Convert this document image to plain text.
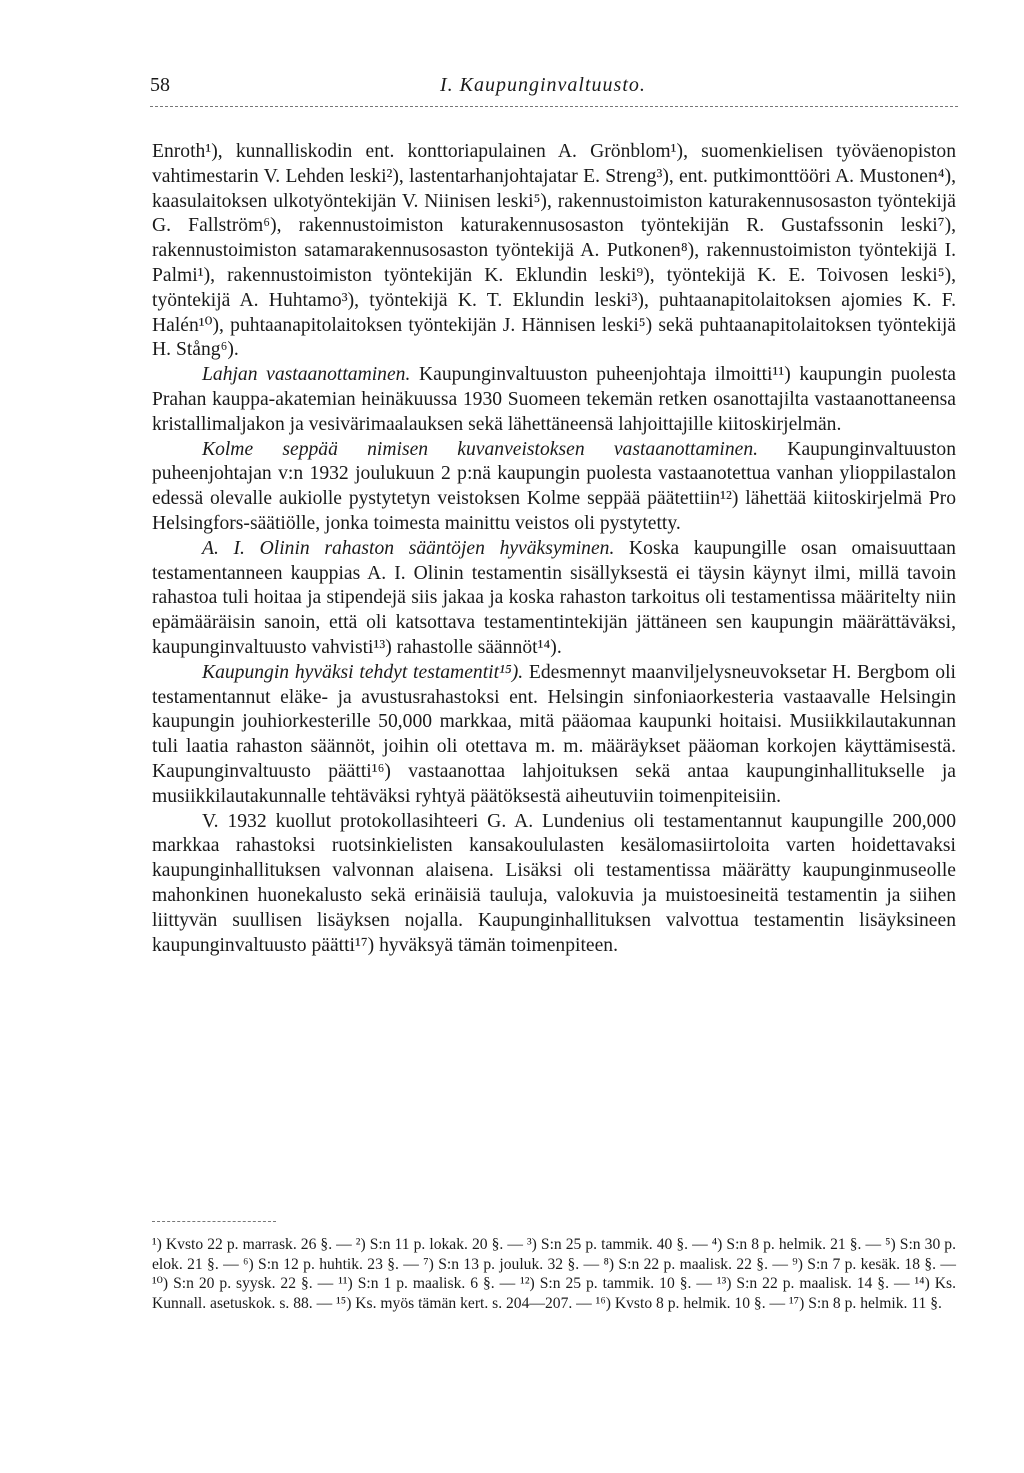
58	I. Kaupunginvaltuusto.

Enroth¹), kunnalliskodin ent. konttoriapulainen A. Grönblom¹), suomenkielisen työväenopiston vahtimestarin V. Lehden leski²), lastentarhanjohtajatar E. Streng³), ent. putkimonttööri A. Mustonen⁴), kaasulaitoksen ulkotyöntekijän V. Niinisen leski⁵), rakennustoimiston katurakennusosaston työntekijä G. Fallström⁶), rakennustoimiston katurakennusosaston työntekijän R. Gustafssonin leski⁷), rakennustoimiston satamarakennusosaston työntekijä A. Putkonen⁸), rakennustoimiston työntekijä I. Palmi¹), rakennustoimiston työntekijän K. Eklundin leski⁹), työntekijä K. E. Toivosen leski⁵), työntekijä A. Huhtamo³), työntekijä K. T. Eklundin leski³), puhtaanapitolaitoksen ajomies K. F. Halén¹⁰), puhtaanapitolaitoksen työntekijän J. Hännisen leski⁵) sekä puhtaanapitolaitoksen työntekijä H. Stång⁶).

Lahjan vastaanottaminen. Kaupunginvaltuuston puheenjohtaja ilmoitti¹¹) kaupungin puolesta Prahan kauppa-akatemian heinäkuussa 1930 Suomeen tekemän retken osanottajilta vastaanottaneensa kristallimaljakon ja vesivärimaalauksen sekä lähettäneensä lahjoittajille kiitoskirjelmän.

Kolme seppää nimisen kuvanveistoksen vastaanottaminen. Kaupunginvaltuuston puheenjohtajan v:n 1932 joulukuun 2 p:nä kaupungin puolesta vastaanotettua vanhan ylioppilastalon edessä olevalle aukiolle pystytetyn veistoksen Kolme seppää päätettiin¹²) lähettää kiitoskirjelmä Pro Helsingfors-säätiölle, jonka toimesta mainittu veistos oli pystytetty.

A. I. Olinin rahaston sääntöjen hyväksyminen. Koska kaupungille osan omaisuuttaan testamentanneen kauppias A. I. Olinin testamentin sisällyksestä ei täysin käynyt ilmi, millä tavoin rahastoa tuli hoitaa ja stipendejä siis jakaa ja koska rahaston tarkoitus oli testamentissa määritelty niin epämääräisin sanoin, että oli katsottava testamentintekijän jättäneen sen kaupungin määrättäväksi, kaupunginvaltuusto vahvisti¹³) rahastolle säännöt¹⁴).

Kaupungin hyväksi tehdyt testamentit¹⁵). Edesmennyt maanviljelysneuvoksetar H. Bergbom oli testamentannut eläke- ja avustusrahastoksi ent. Helsingin sinfoniaorkesteria vastaavalle Helsingin kaupungin jouhiorkesterille 50,000 markkaa, mitä pääomaa kaupunki hoitaisi. Musiikkilautakunnan tuli laatia rahaston säännöt, joihin oli otettava m. m. määräykset pääoman korkojen käyttämisestä. Kaupunginvaltuusto päätti¹⁶) vastaanottaa lahjoituksen sekä antaa kaupunginhallitukselle ja musiikkilautakunnalle tehtäväksi ryhtyä päätöksestä aiheutuviin toimenpiteisiin.

V. 1932 kuollut protokollasihteeri G. A. Lundenius oli testamentannut kaupungille 200,000 markkaa rahastoksi ruotsinkielisten kansakoululasten kesälomasiirtoloita varten hoidettavaksi kaupunginhallituksen valvonnan alaisena. Lisäksi oli testamentissa määrätty kaupunginmuseolle mahonkinen huonekalusto sekä erinäisiä tauluja, valokuvia ja muistoesineitä testamentin ja siihen liittyvän suullisen lisäyksen nojalla. Kaupunginhallituksen valvottua testamentin lisäyksineen kaupunginvaltuusto päätti¹⁷) hyväksyä tämän toimenpiteen.

¹) Kvsto 22 p. marrask. 26 §. — ²) S:n 11 p. lokak. 20 §. — ³) S:n 25 p. tammik. 40 §. — ⁴) S:n 8 p. helmik. 21 §. — ⁵) S:n 30 p. elok. 21 §. — ⁶) S:n 12 p. huhtik. 23 §. — ⁷) S:n 13 p. jouluk. 32 §. — ⁸) S:n 22 p. maalisk. 22 §. — ⁹) S:n 7 p. kesäk. 18 §. — ¹⁰) S:n 20 p. syysk. 22 §. — ¹¹) S:n 1 p. maalisk. 6 §. — ¹²) S:n 25 p. tammik. 10 §. — ¹³) S:n 22 p. maalisk. 14 §. — ¹⁴) Ks. Kunnall. asetuskok. s. 88. — ¹⁵) Ks. myös tämän kert. s. 204—207. — ¹⁶) Kvsto 8 p. helmik. 10 §. — ¹⁷) S:n 8 p. helmik. 11 §.
